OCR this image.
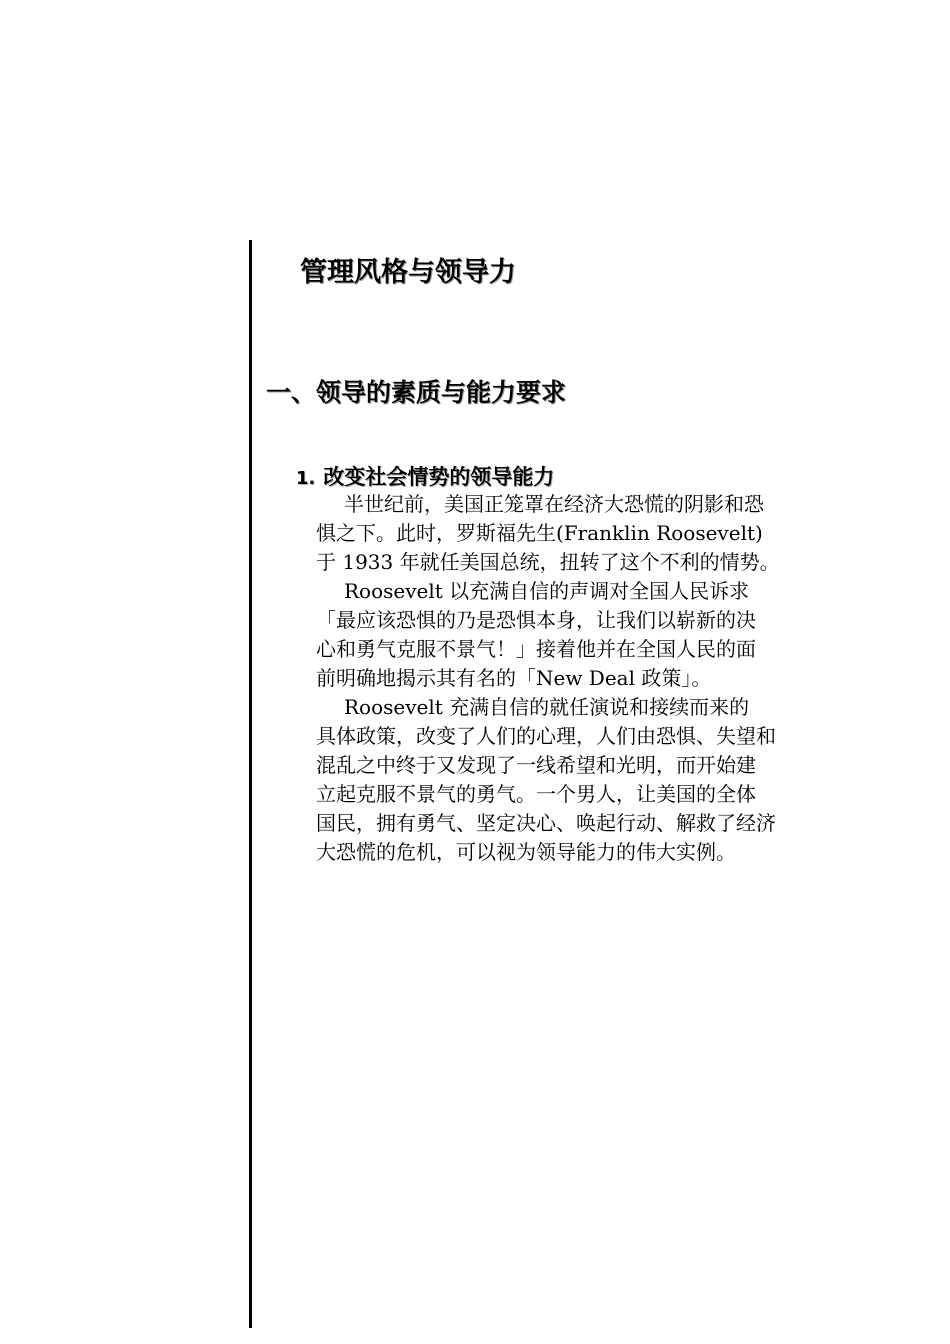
管理风格与领导力
一、领导的素质与能力要求
1. 改变社会情势的领导能力
半世纪前，美国正笼罩在经济大恐慌的阴影和恐
惧之下。此时，罗斯福先生(Franklin Roosevelt)
于 1933 年就任美国总统，扭转了这个不利的情势。
Roosevelt 以充满自信的声调对全国人民诉求
「最应该恐惧的乃是恐惧本身，让我们以崭新的决
心和勇气克服不景气！」接着他并在全国人民的面
前明确地揭示其有名的「New Deal 政策」。
Roosevelt 充满自信的就任演说和接续而来的
具体政策，改变了人们的心理，人们由恐惧、失望和
混乱之中终于又发现了一线希望和光明，而开始建
立起克服不景气的勇气。一个男人，让美国的全体
国民，拥有勇气、坚定决心、唤起行动、解救了经济
大恐慌的危机，可以视为领导能力的伟大实例。
